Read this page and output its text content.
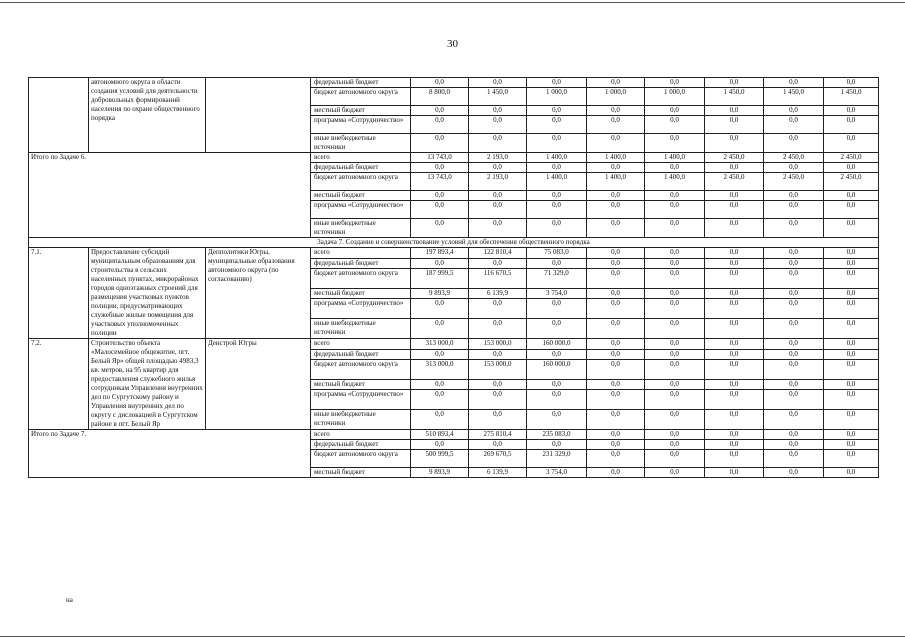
30
	автономного округа в области создания условий для деятельности добровольных формирований населения по охране общественного порядка		федеральный бюджет	0,0	0,0	0,0	0,0	0,0	0,0	0,0	0,0
			бюджет автономного округа	8 800,0	1 450,0	1 000,0	1 000,0	1 000,0	1 450,0	1 450,0	1 450,0
			местный бюджет	0,0	0,0	0,0	0,0	0,0	0,0	0,0	0,0
			программа «Сотрудничество»	0,0	0,0	0,0	0,0	0,0	0,0	0,0	0,0
			иные внебюджетные источники	0,0	0,0	0,0	0,0	0,0	0,0	0,0	0,0
Итого по Задаче 6.			всего	13 743,0	2 193,0	1 400,0	1 400,0	1 400,0	2 450,0	2 450,0	2 450,0
			федеральный бюджет	0,0	0,0	0,0	0,0	0,0	0,0	0,0	0,0
			бюджет автономного округа	13 743,0	2 193,0	1 400,0	1 400,0	1 400,0	2 450,0	2 450,0	2 450,0
			местный бюджет	0,0	0,0	0,0	0,0	0,0	0,0	0,0	0,0
			программа «Сотрудничество»	0,0	0,0	0,0	0,0	0,0	0,0	0,0	0,0
			иные внебюджетные источники	0,0	0,0	0,0	0,0	0,0	0,0	0,0	0,0
Задача 7. Создание и совершенствование условий для обеспечения общественного порядка											
7.1.	Предоставление субсидий муниципальным образованиям для строительства в сельских населенных пунктах, микрорайонах городов одноэтажных строений для размещения участковых пунктов полиции, предусматривающих служебные жилые помещения для участковых уполномоченных полиции	Депполитики Югры, муниципальные образования автономного округа (по согласованию)	всего	197 893,4	122 810,4	75 083,0	0,0	0,0	0,0	0,0	0,0
			федеральный бюджет	0,0	0,0	0,0	0,0	0,0	0,0	0,0	0,0
			бюджет автономного округа	187 999,5	116 670,5	71 329,0	0,0	0,0	0,0	0,0	0,0
			местный бюджет	9 893,9	6 139,9	3 754,0	0,0	0,0	0,0	0,0	0,0
			программа «Сотрудничество»	0,0	0,0	0,0	0,0	0,0	0,0	0,0	0,0
			иные внебюджетные источники	0,0	0,0	0,0	0,0	0,0	0,0	0,0	0,0
7.2.	Строительство объекта «Малосемейное общежитие, пгт. Белый Яр» общей площадью 4983,3 кв. метров, на 95 квартир для предоставления служебного жилья сотрудникам Управления внутренних дел по Сургутскому району и Управления внутренних дел по округу с дислокацией в Сургутском районе в пгт. Белый Яр	Дeнстрой Югры	всего	313 000,0	153 000,0	160 000,0	0,0	0,0	0,0	0,0	0,0
			федеральный бюджет	0,0	0,0	0,0	0,0	0,0	0,0	0,0	0,0
			бюджет автономного округа	313 000,0	153 000,0	160 000,0	0,0	0,0	0,0	0,0	0,0
			местный бюджет	0,0	0,0	0,0	0,0	0,0	0,0	0,0	0,0
			программа «Сотрудничество»	0,0	0,0	0,0	0,0	0,0	0,0	0,0	0,0
			иные внебюджетные источники	0,0	0,0	0,0	0,0	0,0	0,0	0,0	0,0
Итого по Задаче 7.			всего	510 893,4	275 810,4	235 083,0	0,0	0,0	0,0	0,0	0,0
			федеральный бюджет	0,0	0,0	0,0	0,0	0,0	0,0	0,0	0,0
			бюджет автономного округа	500 999,5	269 670,5	231 329,0	0,0	0,0	0,0	0,0	0,0
			местный бюджет	9 893,9	6 139,9	3 754,0	0,0	0,0	0,0	0,0	0,0
на
